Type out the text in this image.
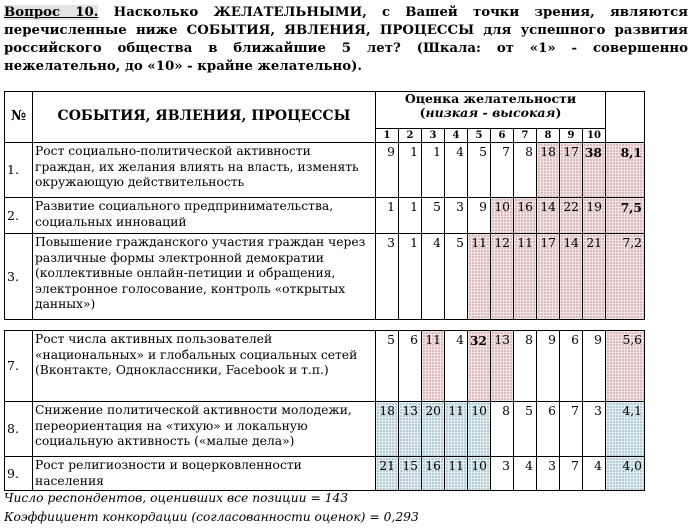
Вопрос 10. Насколько ЖЕЛАТЕЛЬНЫМИ, с Вашей точки зрения, являются перечисленные ниже СОБЫТИЯ, ЯВЛЕНИЯ, ПРОЦЕССЫ для успешного развития российского общества в ближайшие 5 лет? (Шкала: от «1» - совершенно нежелательно, до «10» - крайне желательно).
№	СОБЫТИЯ, ЯВЛЕНИЯ, ПРОЦЕССЫ	Оценка желательности (низкая - высокая)										
		1	2	3	4	5	6	7	8	9	10	
1.	Рост социально-политической активности граждан, их желания влиять на власть, изменять окружающую действительность	9	1	1	4	5	7	8	18	17	38	8,1
2.	Развитие социального предпринимательства, социальных инноваций	1	1	5	3	9	10	16	14	22	19	7,5
3.	Повышение гражданского участия граждан через различные формы электронной демократии (коллективные онлайн-петиции и обращения, электронное голосование, контроль «открытых данных»)	3	1	4	5	11	12	11	17	14	21	7,2
7.	Рост числа активных пользователей «национальных» и глобальных социальных сетей (Вконтакте, Одноклассники, Facebook и т.п.)	5	6	11	4	32	13	8	9	6	9	5,6
8.	Снижение политической активности молодежи, переориентация на «тихую» и локальную социальную активность («малые дела»)	18	13	20	11	10	8	5	6	7	3	4,1
9.	Рост религиозности и воцерковленности населения	21	15	16	11	10	3	4	3	7	4	4,0
Число респондентов, оценивших все позиции = 143
Коэффициент конкордации (согласованности оценок) = 0,293
